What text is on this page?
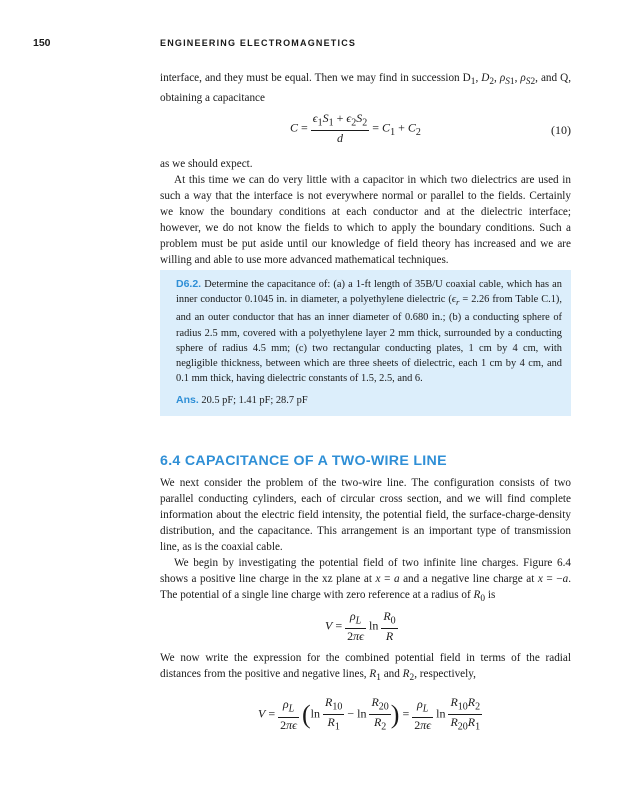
150	ENGINEERING ELECTROMAGNETICS

interface, and they must be equal. Then we may find in succession $D_1$, $D_2$, $\rho_{S1}$, $\rho_{S2}$, and Q, obtaining a capacitance

$C = \frac{\epsilon_1S_1 + \epsilon_2S_2}{d} = C_1 + C_2$	(10)

as we should expect.

At this time we can do very little with a capacitor in which two dielectrics are used in such a way that the interface is not everywhere normal or parallel to the fields. Certainly we know the boundary conditions at each conductor and at the dielectric interface; however, we do not know the fields to which to apply the boundary conditions. Such a problem must be put aside until our knowledge of field theory has increased and we are willing and able to use more advanced mathematical techniques.

D6.2. Determine the capacitance of: (a) a 1-ft length of 35B/U coaxial cable, which has an inner conductor 0.1045 in. in diameter, a polyethylene dielectric ($\epsilon_r = 2.26$ from Table C.1), and an outer conductor that has an inner diameter of 0.680 in.; (b) a conducting sphere of radius 2.5 mm, covered with a polyethylene layer 2 mm thick, surrounded by a conducting sphere of radius 4.5 mm; (c) two rectangular conducting plates, 1 cm by 4 cm, with negligible thickness, between which are three sheets of dielectric, each 1 cm by 4 cm, and 0.1 mm thick, having dielectric constants of 1.5, 2.5, and 6.
Ans. 20.5 pF; 1.41 pF; 28.7 pF
6.4 CAPACITANCE OF A TWO-WIRE LINE

We next consider the problem of the two-wire line. The configuration consists of two parallel conducting cylinders, each of circular cross section, and we will find complete information about the electric field intensity, the potential field, the surface-charge-density distribution, and the capacitance. This arrangement is an important type of transmission line, as is the coaxial cable.

We begin by investigating the potential field of two infinite line charges. Figure 6.4 shows a positive line charge in the xz plane at x = a and a negative line charge at x = −a. The potential of a single line charge with zero reference at a radius of $R_0$ is

$V = \frac{\rho_L}{2\pi\epsilon}$ $\ln \frac{R_0}{R}$

We now write the expression for the combined potential field in terms of the radial distances from the positive and negative lines, $R_1$ and $R_2$, respectively,

$V = \frac{\rho_L}{2\pi\epsilon} (\ln \frac{R_{10}}{R_1} - \ln \frac{R_{20}}{R_2}$ ) = $\frac{\rho_L}{2\pi\epsilon}$ $\ln \frac{R_{10}R_2}{R_{20}R_1}$
